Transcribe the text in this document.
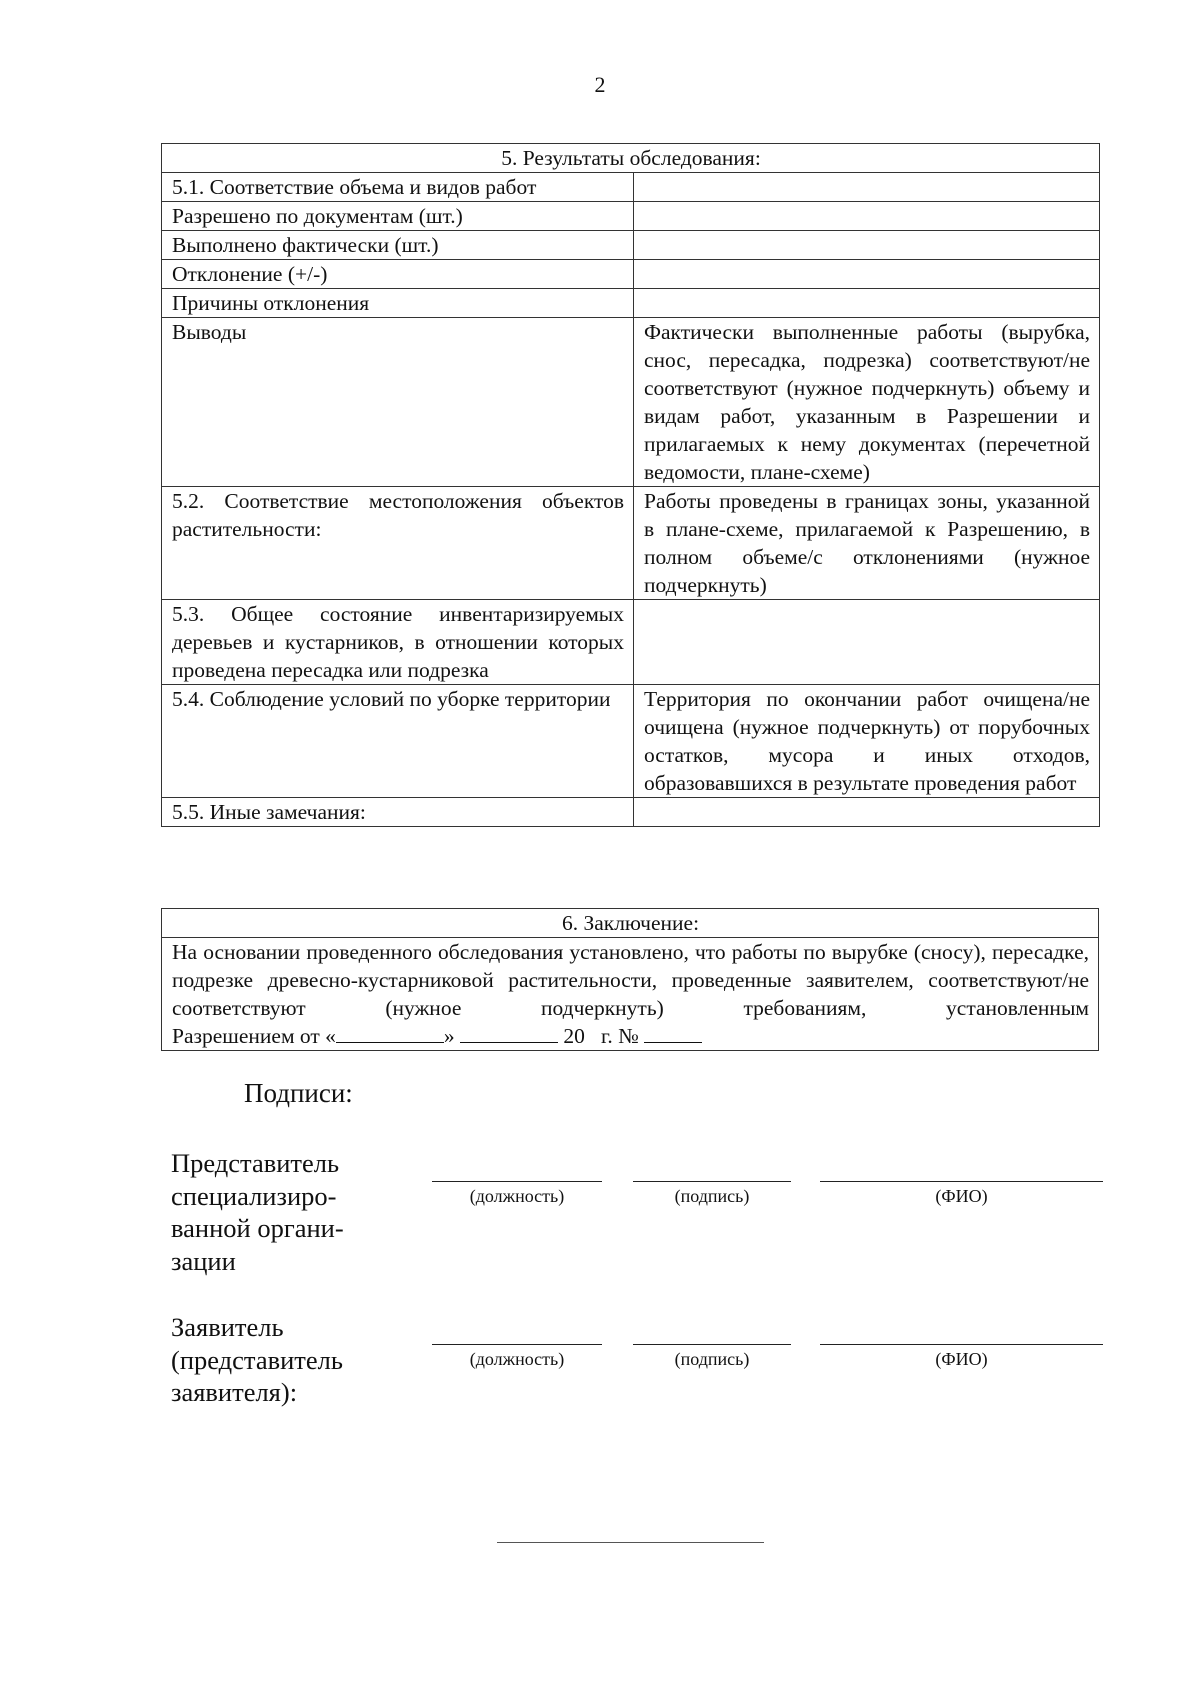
2
5. Результаты обследования:	
5.1. Соответствие объема и видов работ	
Разрешено по документам (шт.)	
Выполнено фактически (шт.)	
Отклонение (+/-)	
Причины отклонения	
Выводы	Фактически выполненные работы (вырубка, снос, пересадка, подрезка) соответствуют/не соответствуют (нужное подчеркнуть) объему и видам работ, указанным в Разрешении и прилагаемых к нему документах (перечетной ведомости, плане-схеме)
5.2. Соответствие местоположения объектов растительности:	Работы проведены в границах зоны, указанной в плане-схеме, прилагаемой к Разрешению, в полном объеме/с отклонениями (нужное подчеркнуть)
5.3. Общее состояние инвентаризируемых деревьев и кустарников, в отношении которых проведена пересадка или подрезка	
5.4. Соблюдение условий по уборке территории	Территория по окончании работ очищена/не очищена (нужное подчеркнуть) от порубочных остатков, мусора и иных отходов, образовавшихся в результате проведения работ
5.5. Иные замечания:	
6. Заключение:

На основании проведенного обследования установлено, что работы по вырубке (сносу), пересадке, подрезке древесно-кустарниковой растительности, проведенные заявителем, соответствуют/не соответствуют (нужное подчеркнуть) требованиям, установленным
Разрешением от «	»	20 г. №
Подписи:
Представитель
специализиро-
ванной органи-
зации
(должность)	(подпись)	(ФИО)
Заявитель
(представитель
заявителя):
(должность)	(подпись)	(ФИО)
